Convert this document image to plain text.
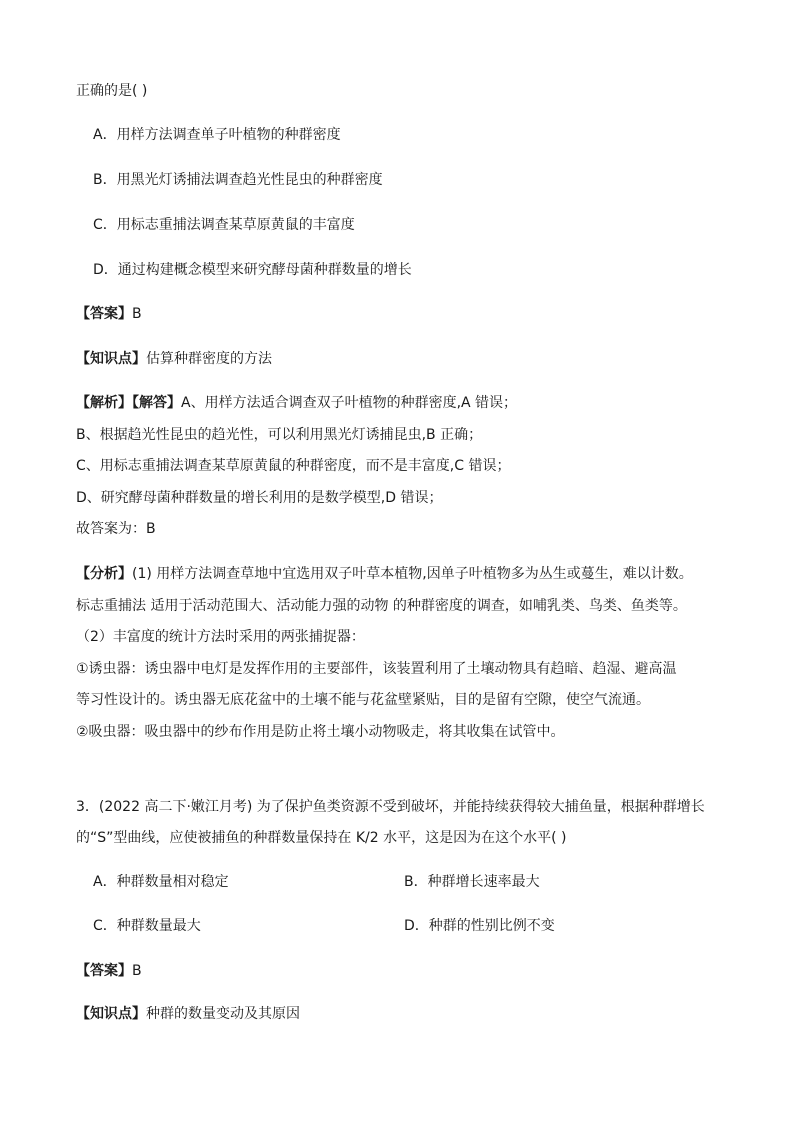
正确的是( )
A．用样方法调查单子叶植物的种群密度
B．用黑光灯诱捕法调查趋光性昆虫的种群密度
C．用标志重捕法调查某草原黄鼠的丰富度
D．通过构建概念模型来研究酵母菌种群数量的增长
【答案】B
【知识点】估算种群密度的方法
【解析】【解答】A、用样方法适合调查双子叶植物的种群密度,A 错误；
B、根据趋光性昆虫的趋光性，可以利用黑光灯诱捕昆虫,B 正确；
C、用标志重捕法调查某草原黄鼠的种群密度，而不是丰富度,C 错误；
D、研究酵母菌种群数量的增长利用的是数学模型,D 错误；
故答案为：B
【分析】(1) 用样方法调查草地中宜选用双子叶草本植物,因单子叶植物多为丛生或蔓生，难以计数。
标志重捕法 适用于活动范围大、活动能力强的动物 的种群密度的调查，如哺乳类、鸟类、鱼类等。
（2）丰富度的统计方法时采用的两张捕捉器：
①诱虫器：诱虫器中电灯是发挥作用的主要部件，该装置利用了土壤动物具有趋暗、趋湿、避高温
等习性设计的。诱虫器无底花盆中的土壤不能与花盆壁紧贴，目的是留有空隙，使空气流通。
②吸虫器：吸虫器中的纱布作用是防止将土壤小动物吸走，将其收集在试管中。
3．(2022 高二下·嫩江月考) 为了保护鱼类资源不受到破坏，并能持续获得较大捕鱼量，根据种群增长
的“S”型曲线，应使被捕鱼的种群数量保持在 K/2 水平，这是因为在这个水平( )
A．种群数量相对稳定	B．种群增长速率最大
C．种群数量最大	D．种群的性别比例不变
【答案】B
【知识点】种群的数量变动及其原因
